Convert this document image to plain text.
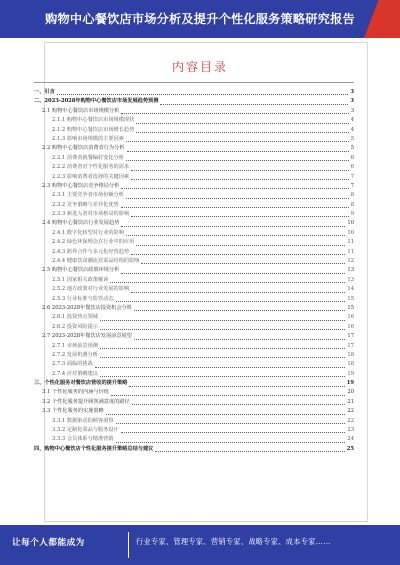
购物中心餐饮店市场分析及提升个性化服务策略研究报告
内容目录
一、引言	3
二、2023-2028年购物中心餐饮店市场发展趋势预测	3
2.1 购物中心餐饮店市场规模分析	3
2.1.1 购物中心餐饮店市场规模现状	4
2.1.2 购物中心餐饮店市场增长趋势	4
2.1.3 影响市场规模的主要因素	5
2.2 购物中心餐饮店消费者行为分析	5
2.2.1 消费者就餐偏好变化分析	6
2.2.2 消费者对个性化服务的需求	6
2.2.3 影响消费者选择的关键因素	7
2.3 购物中心餐饮店竞争格局分析	7
2.3.1 主要竞争者市场份额分析	8
2.3.2 竞争策略与差异化优势	8
2.3.3 新进入者对市场格局的影响	9
2.4 购物中心餐饮店行业发展趋势	10
2.4.1 数字化转型对行业的影响	10
2.4.2 绿色环保理念在行业中的应用	11
2.4.3 跨界合作与多元化经营趋势	11
2.4.4 健康饮食潮流对菜品结构的影响	12
2.5 购物中心餐饮店政策环境分析	13
2.5.1 国家相关政策解读	13
2.5.2 地方政策对行业发展的影响	14
2.5.3 行业标准与监管动态	15
2.6 2023-2028年餐饮店投资机会分析	15
2.6.1 投资热点领域	16
2.6.2 投资风险提示	16
2.7 2023-2028年餐饮店发展前景展望	17
2.7.1 市场前景预测	17
2.7.2 发展机遇分析	18
2.7.3 面临的挑战	18
2.7.4 应对策略建议	19
三、个性化服务对餐饮店营收的提升策略	19
3.1 个性化服务的内涵与价值	20
3.2 个性化服务提升顾客满意度的路径	21
3.3 个性化服务的实施策略	22
3.3.1 数据驱动的顾客洞察	22
3.3.2 定制化菜品与服务设计	23
3.3.3 会员体系与精准营销	24
四、购物中心餐饮店个性化服务提升策略总结与建议	25
让每个人都能成为	行业专家、管理专家、营销专家、战略专家、成本专家……
